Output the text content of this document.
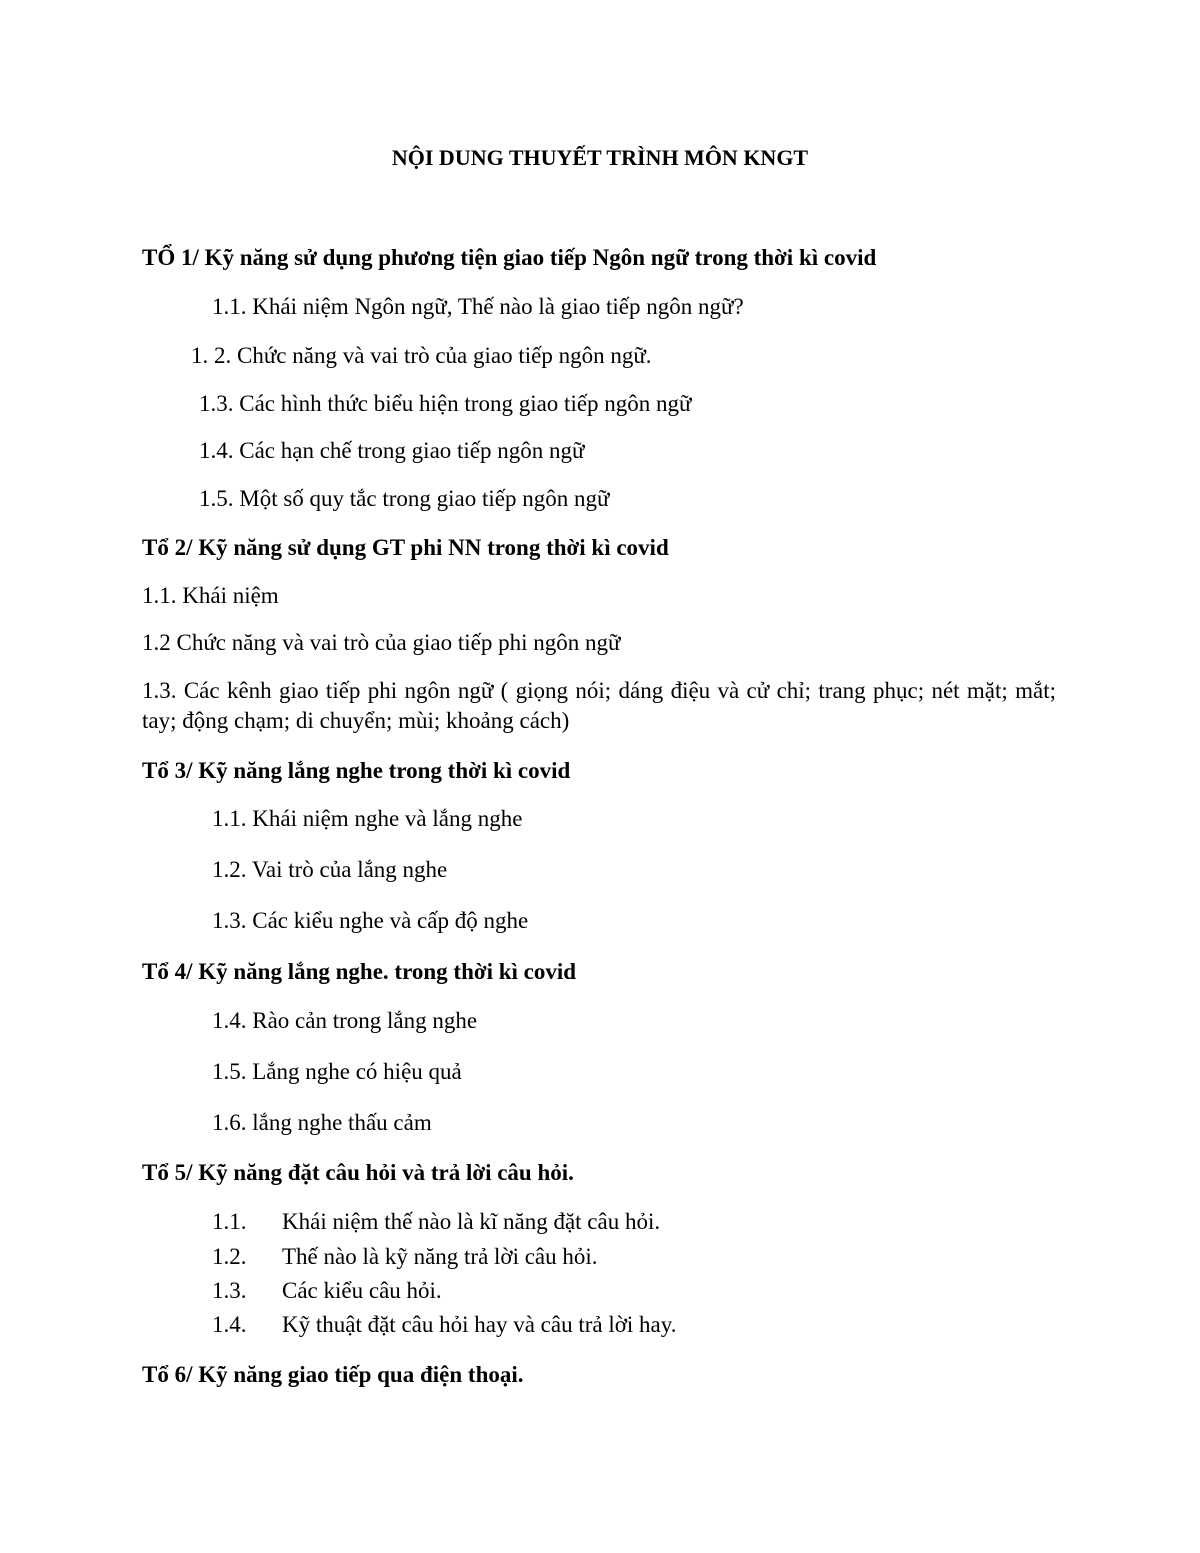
NỘI DUNG THUYẾT TRÌNH MÔN KNGT
TỔ 1/ Kỹ năng sử dụng phương tiện giao tiếp Ngôn ngữ trong thời kì covid
1.1. Khái niệm Ngôn ngữ, Thế nào là giao tiếp ngôn ngữ?
1. 2. Chức năng và vai trò của giao tiếp ngôn ngữ.
1.3. Các hình thức biểu hiện trong giao tiếp ngôn ngữ
1.4. Các hạn chế trong giao tiếp ngôn ngữ
1.5. Một số quy tắc trong giao tiếp ngôn ngữ
Tổ 2/ Kỹ năng sử dụng GT phi NN trong thời kì covid
1.1. Khái niệm
1.2 Chức năng và vai trò của giao tiếp phi ngôn ngữ
1.3. Các kênh giao tiếp phi ngôn ngữ ( giọng nói; dáng điệu và cử chỉ; trang phục; nét mặt; mắt; tay; động chạm; di chuyển; mùi; khoảng cách)
Tổ 3/ Kỹ năng lắng nghe trong thời kì covid
1.1. Khái niệm nghe và lắng nghe
1.2. Vai trò của lắng nghe
1.3. Các kiểu nghe và cấp độ nghe
Tổ 4/ Kỹ năng lắng nghe. trong thời kì covid
1.4. Rào cản trong lắng nghe
1.5. Lắng nghe có hiệu quả
1.6. lắng nghe thấu cảm
Tổ 5/ Kỹ năng đặt câu hỏi và trả lời câu hỏi.
1.1. Khái niệm thế nào là kĩ năng đặt câu hỏi.
1.2. Thế nào là kỹ năng trả lời câu hỏi.
1.3. Các kiểu câu hỏi.
1.4. Kỹ thuật đặt câu hỏi hay và câu trả lời hay.
Tổ 6/ Kỹ năng giao tiếp qua điện thoại.
